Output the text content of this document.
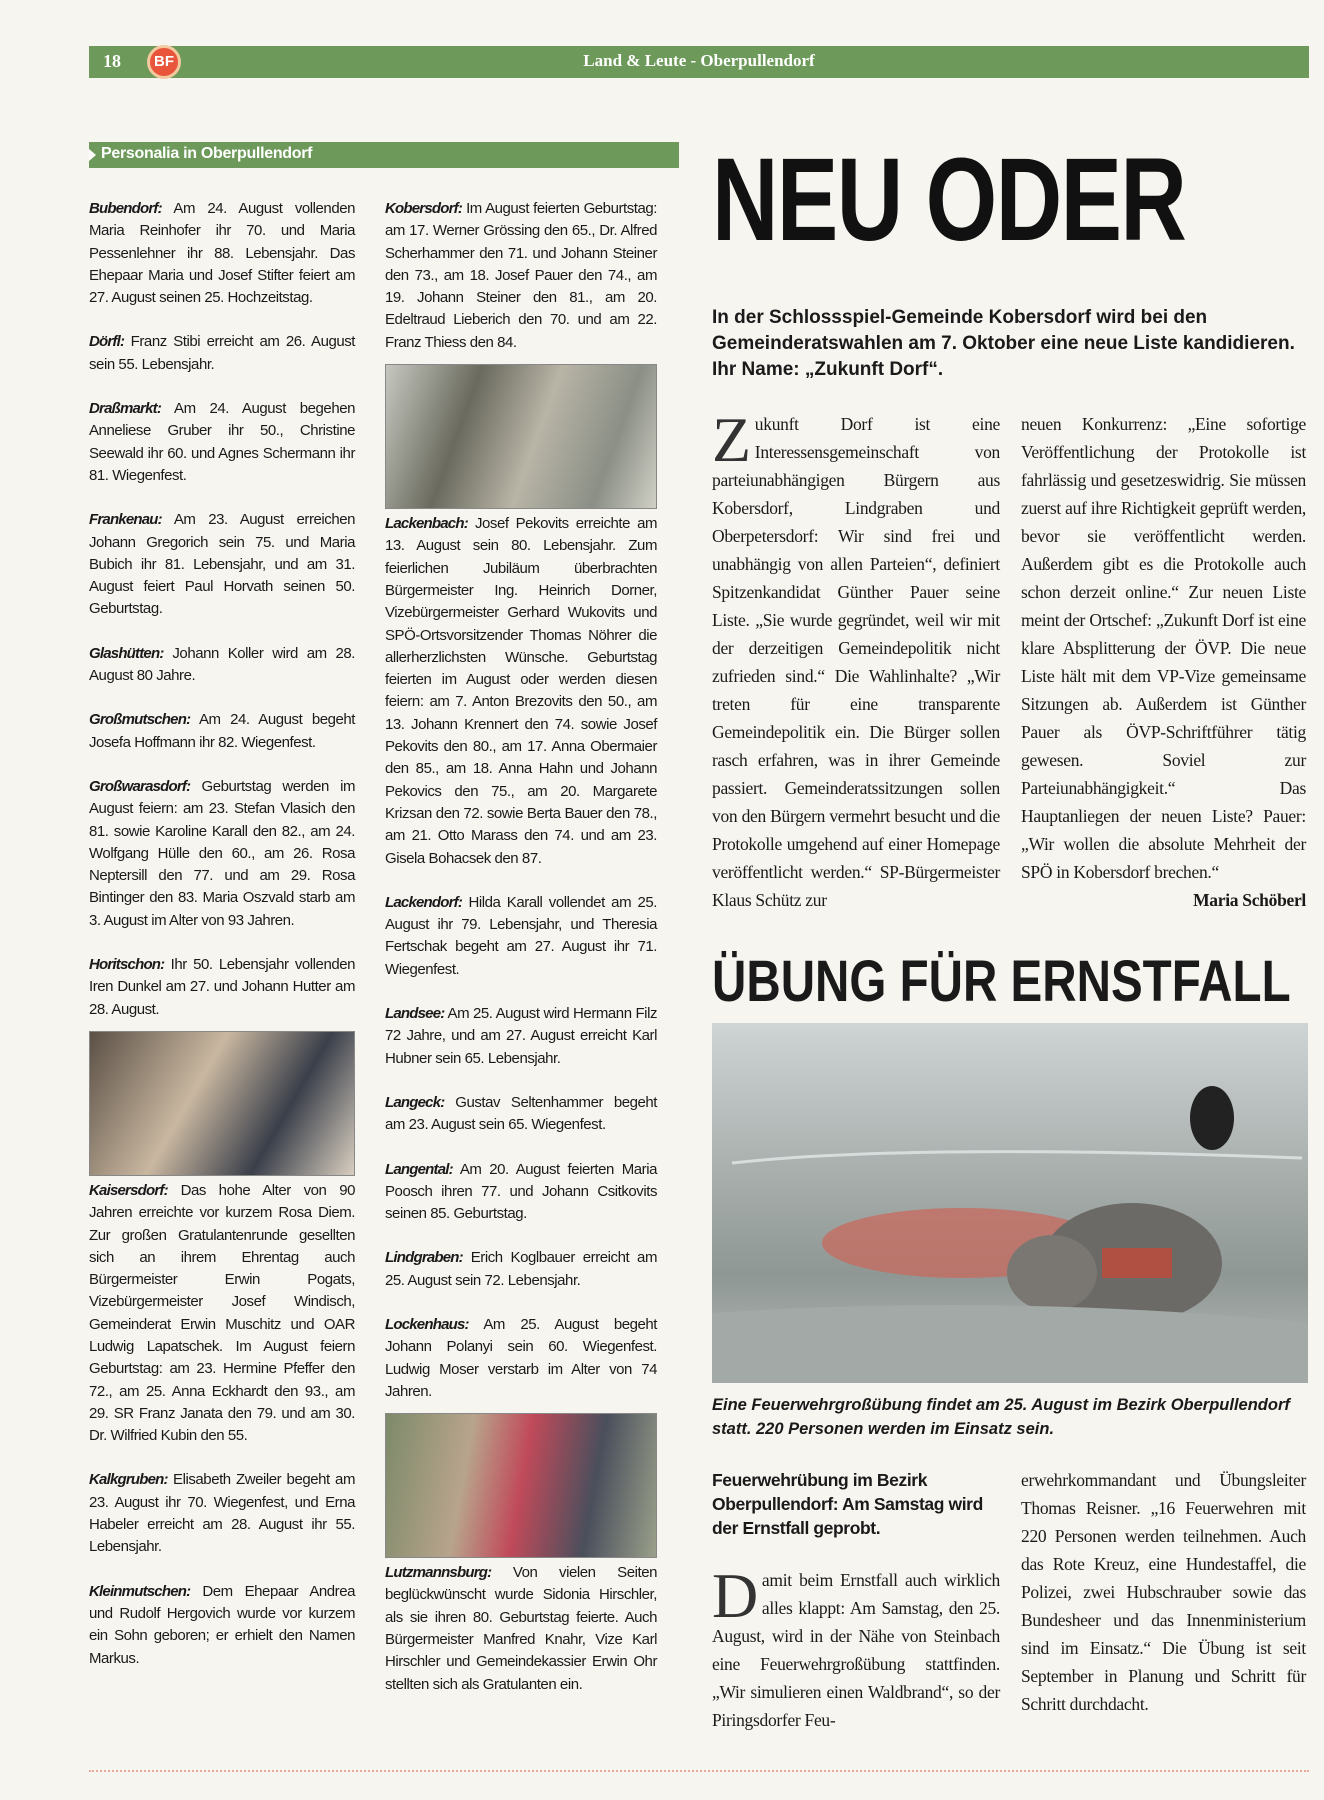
18	BF	Land & Leute - Oberpullendorf
Personalia in Oberpullendorf
Bubendorf: Am 24. August vollenden Maria Reinhofer ihr 70. und Maria Pessenlehner ihr 88. Lebensjahr. Das Ehepaar Maria und Josef Stifter feiert am 27. August seinen 25. Hochzeitstag.
Dörfl: Franz Stibi erreicht am 26. August sein 55. Lebensjahr.
Draßmarkt: Am 24. August begehen Anneliese Gruber ihr 50., Christine Seewald ihr 60. und Agnes Schermann ihr 81. Wiegenfest.
Frankenau: Am 23. August erreichen Johann Gregorich sein 75. und Maria Bubich ihr 81. Lebensjahr, und am 31. August feiert Paul Horvath seinen 50. Geburtstag.
Glashütten: Johann Koller wird am 28. August 80 Jahre.
Großmutschen: Am 24. August begeht Josefa Hoffmann ihr 82. Wiegenfest.
Großwarasdorf: Geburtstag werden im August feiern: am 23. Stefan Vlasich den 81. sowie Karoline Karall den 82., am 24. Wolfgang Hülle den 60., am 26. Rosa Neptersill den 77. und am 29. Rosa Bintinger den 83. Maria Oszvald starb am 3. August im Alter von 93 Jahren.
Horitschon: Ihr 50. Lebensjahr vollenden Iren Dunkel am 27. und Johann Hutter am 28. August.
Kaisersdorf: Das hohe Alter von 90 Jahren erreichte vor kurzem Rosa Diem. Zur großen Gratulantenrunde gesellten sich an ihrem Ehrentag auch Bürgermeister Erwin Pogats, Vizebürgermeister Josef Windisch, Gemeinderat Erwin Muschitz und OAR Ludwig Lapatschek. Im August feiern Geburtstag: am 23. Hermine Pfeffer den 72., am 25. Anna Eckhardt den 93., am 29. SR Franz Janata den 79. und am 30. Dr. Wilfried Kubin den 55.
Kalkgruben: Elisabeth Zweiler begeht am 23. August ihr 70. Wiegenfest, und Erna Habeler erreicht am 28. August ihr 55. Lebensjahr.
Kleinmutschen: Dem Ehepaar Andrea und Rudolf Hergovich wurde vor kurzem ein Sohn geboren; er erhielt den Namen Markus.
Kobersdorf: Im August feierten Geburtstag: am 17. Werner Grössing den 65., Dr. Alfred Scherhammer den 71. und Johann Steiner den 73., am 18. Josef Pauer den 74., am 19. Johann Steiner den 81., am 20. Edeltraud Lieberich den 70. und am 22. Franz Thiess den 84.
Lackenbach: Josef Pekovits erreichte am 13. August sein 80. Lebensjahr. Zum feierlichen Jubiläum überbrachten Bürgermeister Ing. Heinrich Dorner, Vizebürgermeister Gerhard Wukovits und SPÖ-Ortsvorsitzender Thomas Nöhrer die allerherzlichsten Wünsche. Geburtstag feierten im August oder werden diesen feiern: am 7. Anton Brezovits den 50., am 13. Johann Krennert den 74. sowie Josef Pekovits den 80., am 17. Anna Obermaier den 85., am 18. Anna Hahn und Johann Pekovics den 75., am 20. Margarete Krizsan den 72. sowie Berta Bauer den 78., am 21. Otto Marass den 74. und am 23. Gisela Bohacsek den 87.
Lackendorf: Hilda Karall vollendet am 25. August ihr 79. Lebensjahr, und Theresia Fertschak begeht am 27. August ihr 71. Wiegenfest.
Landsee: Am 25. August wird Hermann Filz 72 Jahre, und am 27. August erreicht Karl Hubner sein 65. Lebensjahr.
Langeck: Gustav Seltenhammer begeht am 23. August sein 65. Wiegenfest.
Langental: Am 20. August feierten Maria Poosch ihren 77. und Johann Csitkovits seinen 85. Geburtstag.
Lindgraben: Erich Koglbauer erreicht am 25. August sein 72. Lebensjahr.
Lockenhaus: Am 25. August begeht Johann Polanyi sein 60. Wiegenfest. Ludwig Moser verstarb im Alter von 74 Jahren.
Lutzmannsburg: Von vielen Seiten beglückwünscht wurde Sidonia Hirschler, als sie ihren 80. Geburtstag feierte. Auch Bürgermeister Manfred Knahr, Vize Karl Hirschler und Gemeindekassier Erwin Ohr stellten sich als Gratulanten ein.
NEU ODER
In der Schlossspiel-Gemeinde Kobersdorf wird bei den Gemeinderatswahlen am 7. Oktober eine neue Liste kandidieren. Ihr Name: „Zukunft Dorf“.
Zukunft Dorf ist eine Interessensgemeinschaft von parteiunabhängigen Bürgern aus Kobersdorf, Lindgraben und Oberpetersdorf: Wir sind frei und unabhängig von allen Parteien“, definiert Spitzenkandidat Günther Pauer seine Liste. „Sie wurde gegründet, weil wir mit der derzeitigen Gemeindepolitik nicht zufrieden sind.“ Die Wahlinhalte? „Wir treten für eine transparente Gemeindepolitik ein. Die Bürger sollen rasch erfahren, was in ihrer Gemeinde passiert. Gemeinderatssitzungen sollen von den Bürgern vermehrt besucht und die Protokolle umgehend auf einer Homepage veröffentlicht werden.“ SP-Bürgermeister Klaus Schütz zur
neuen Konkurrenz: „Eine sofortige Veröffentlichung der Protokolle ist fahrlässig und gesetzeswidrig. Sie müssen zuerst auf ihre Richtigkeit geprüft werden, bevor sie veröffentlicht werden. Außerdem gibt es die Protokolle auch schon derzeit online.“ Zur neuen Liste meint der Ortschef: „Zukunft Dorf ist eine klare Absplitterung der ÖVP. Die neue Liste hält mit dem VP-Vize gemeinsame Sitzungen ab. Außerdem ist Günther Pauer als ÖVP-Schriftführer tätig gewesen. Soviel zur Parteiunabhängigkeit.“ Das Hauptanliegen der neuen Liste? Pauer: „Wir wollen die absolute Mehrheit der SPÖ in Kobersdorf brechen.“
Maria Schöberl
ÜBUNG FÜR ERNSTFALL
Eine Feuerwehrgroßübung findet am 25. August im Bezirk Oberpullendorf statt. 220 Personen werden im Einsatz sein.
Feuerwehrübung im Bezirk Oberpullendorf: Am Samstag wird der Ernstfall geprobt.
Damit beim Ernstfall auch wirklich alles klappt: Am Samstag, den 25. August, wird in der Nähe von Steinbach eine Feuerwehrgroßübung stattfinden. „Wir simulieren einen Waldbrand“, so der Piringsdorfer Feu-
erwehrkommandant und Übungsleiter Thomas Reisner. „16 Feuerwehren mit 220 Personen werden teilnehmen. Auch das Rote Kreuz, eine Hundestaffel, die Polizei, zwei Hubschrauber sowie das Bundesheer und das Innenministerium sind im Einsatz.“ Die Übung ist seit September in Planung und Schritt für Schritt durchdacht.
